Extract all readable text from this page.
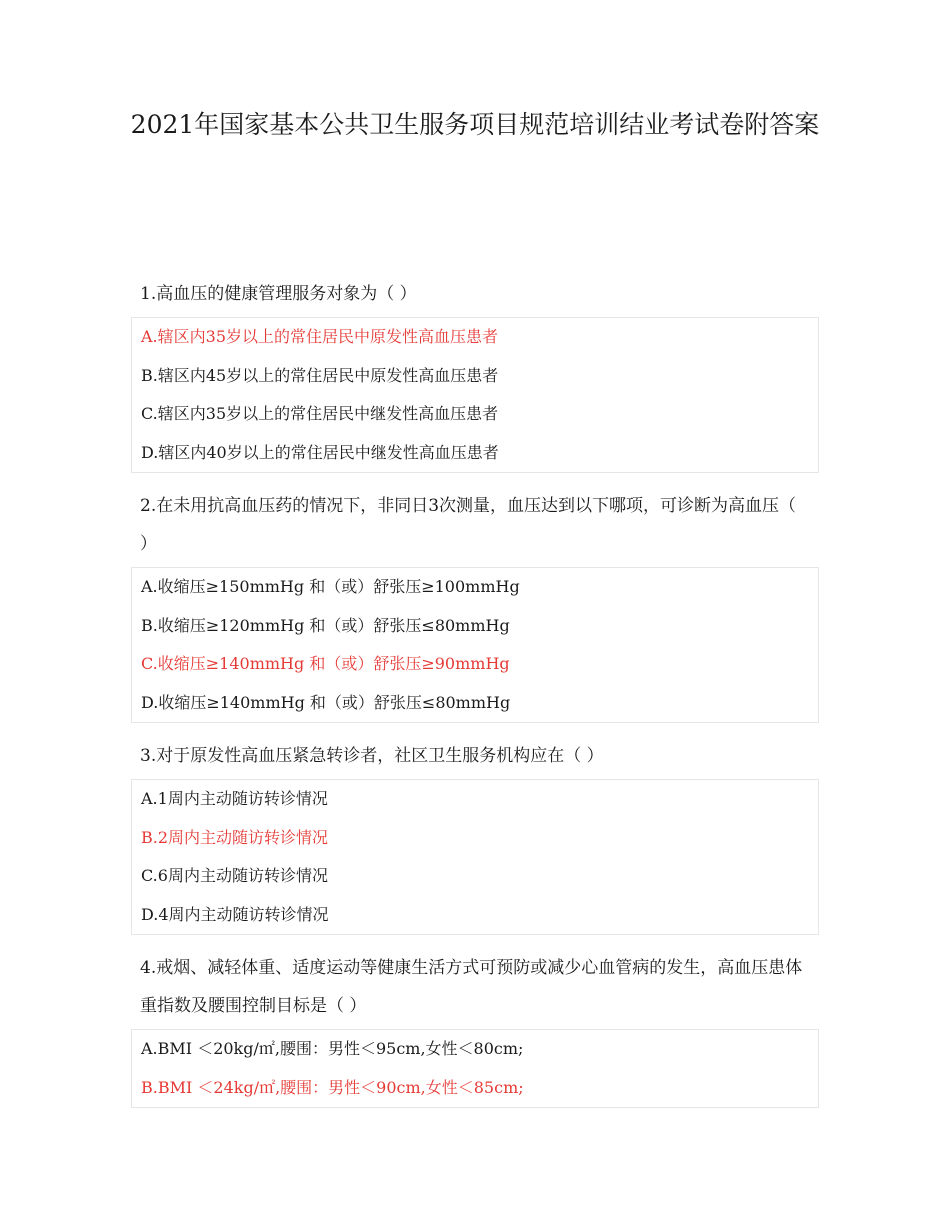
2021年国家基本公共卫生服务项目规范培训结业考试卷附答案

1.高血压的健康管理服务对象为（ ）

A.辖区内35岁以上的常住居民中原发性高血压患者
B.辖区内45岁以上的常住居民中原发性高血压患者
C.辖区内35岁以上的常住居民中继发性高血压患者
D.辖区内40岁以上的常住居民中继发性高血压患者

2.在未用抗高血压药的情况下，非同日3次测量，血压达到以下哪项，可诊断为高血压（ ）

A.收缩压≥150mmHg 和（或）舒张压≥100mmHg
B.收缩压≥120mmHg 和（或）舒张压≤80mmHg
C.收缩压≥140mmHg 和（或）舒张压≥90mmHg
D.收缩压≥140mmHg 和（或）舒张压≤80mmHg

3.对于原发性高血压紧急转诊者，社区卫生服务机构应在（ ）

A.1周内主动随访转诊情况
B.2周内主动随访转诊情况
C.6周内主动随访转诊情况
D.4周内主动随访转诊情况

4.戒烟、减轻体重、适度运动等健康生活方式可预防或减少心血管病的发生，高血压患体重指数及腰围控制目标是（ ）

A.BMI ＜20kg/㎡,腰围：男性＜95cm,女性＜80cm;
B.BMI ＜24kg/㎡,腰围：男性＜90cm,女性＜85cm;
